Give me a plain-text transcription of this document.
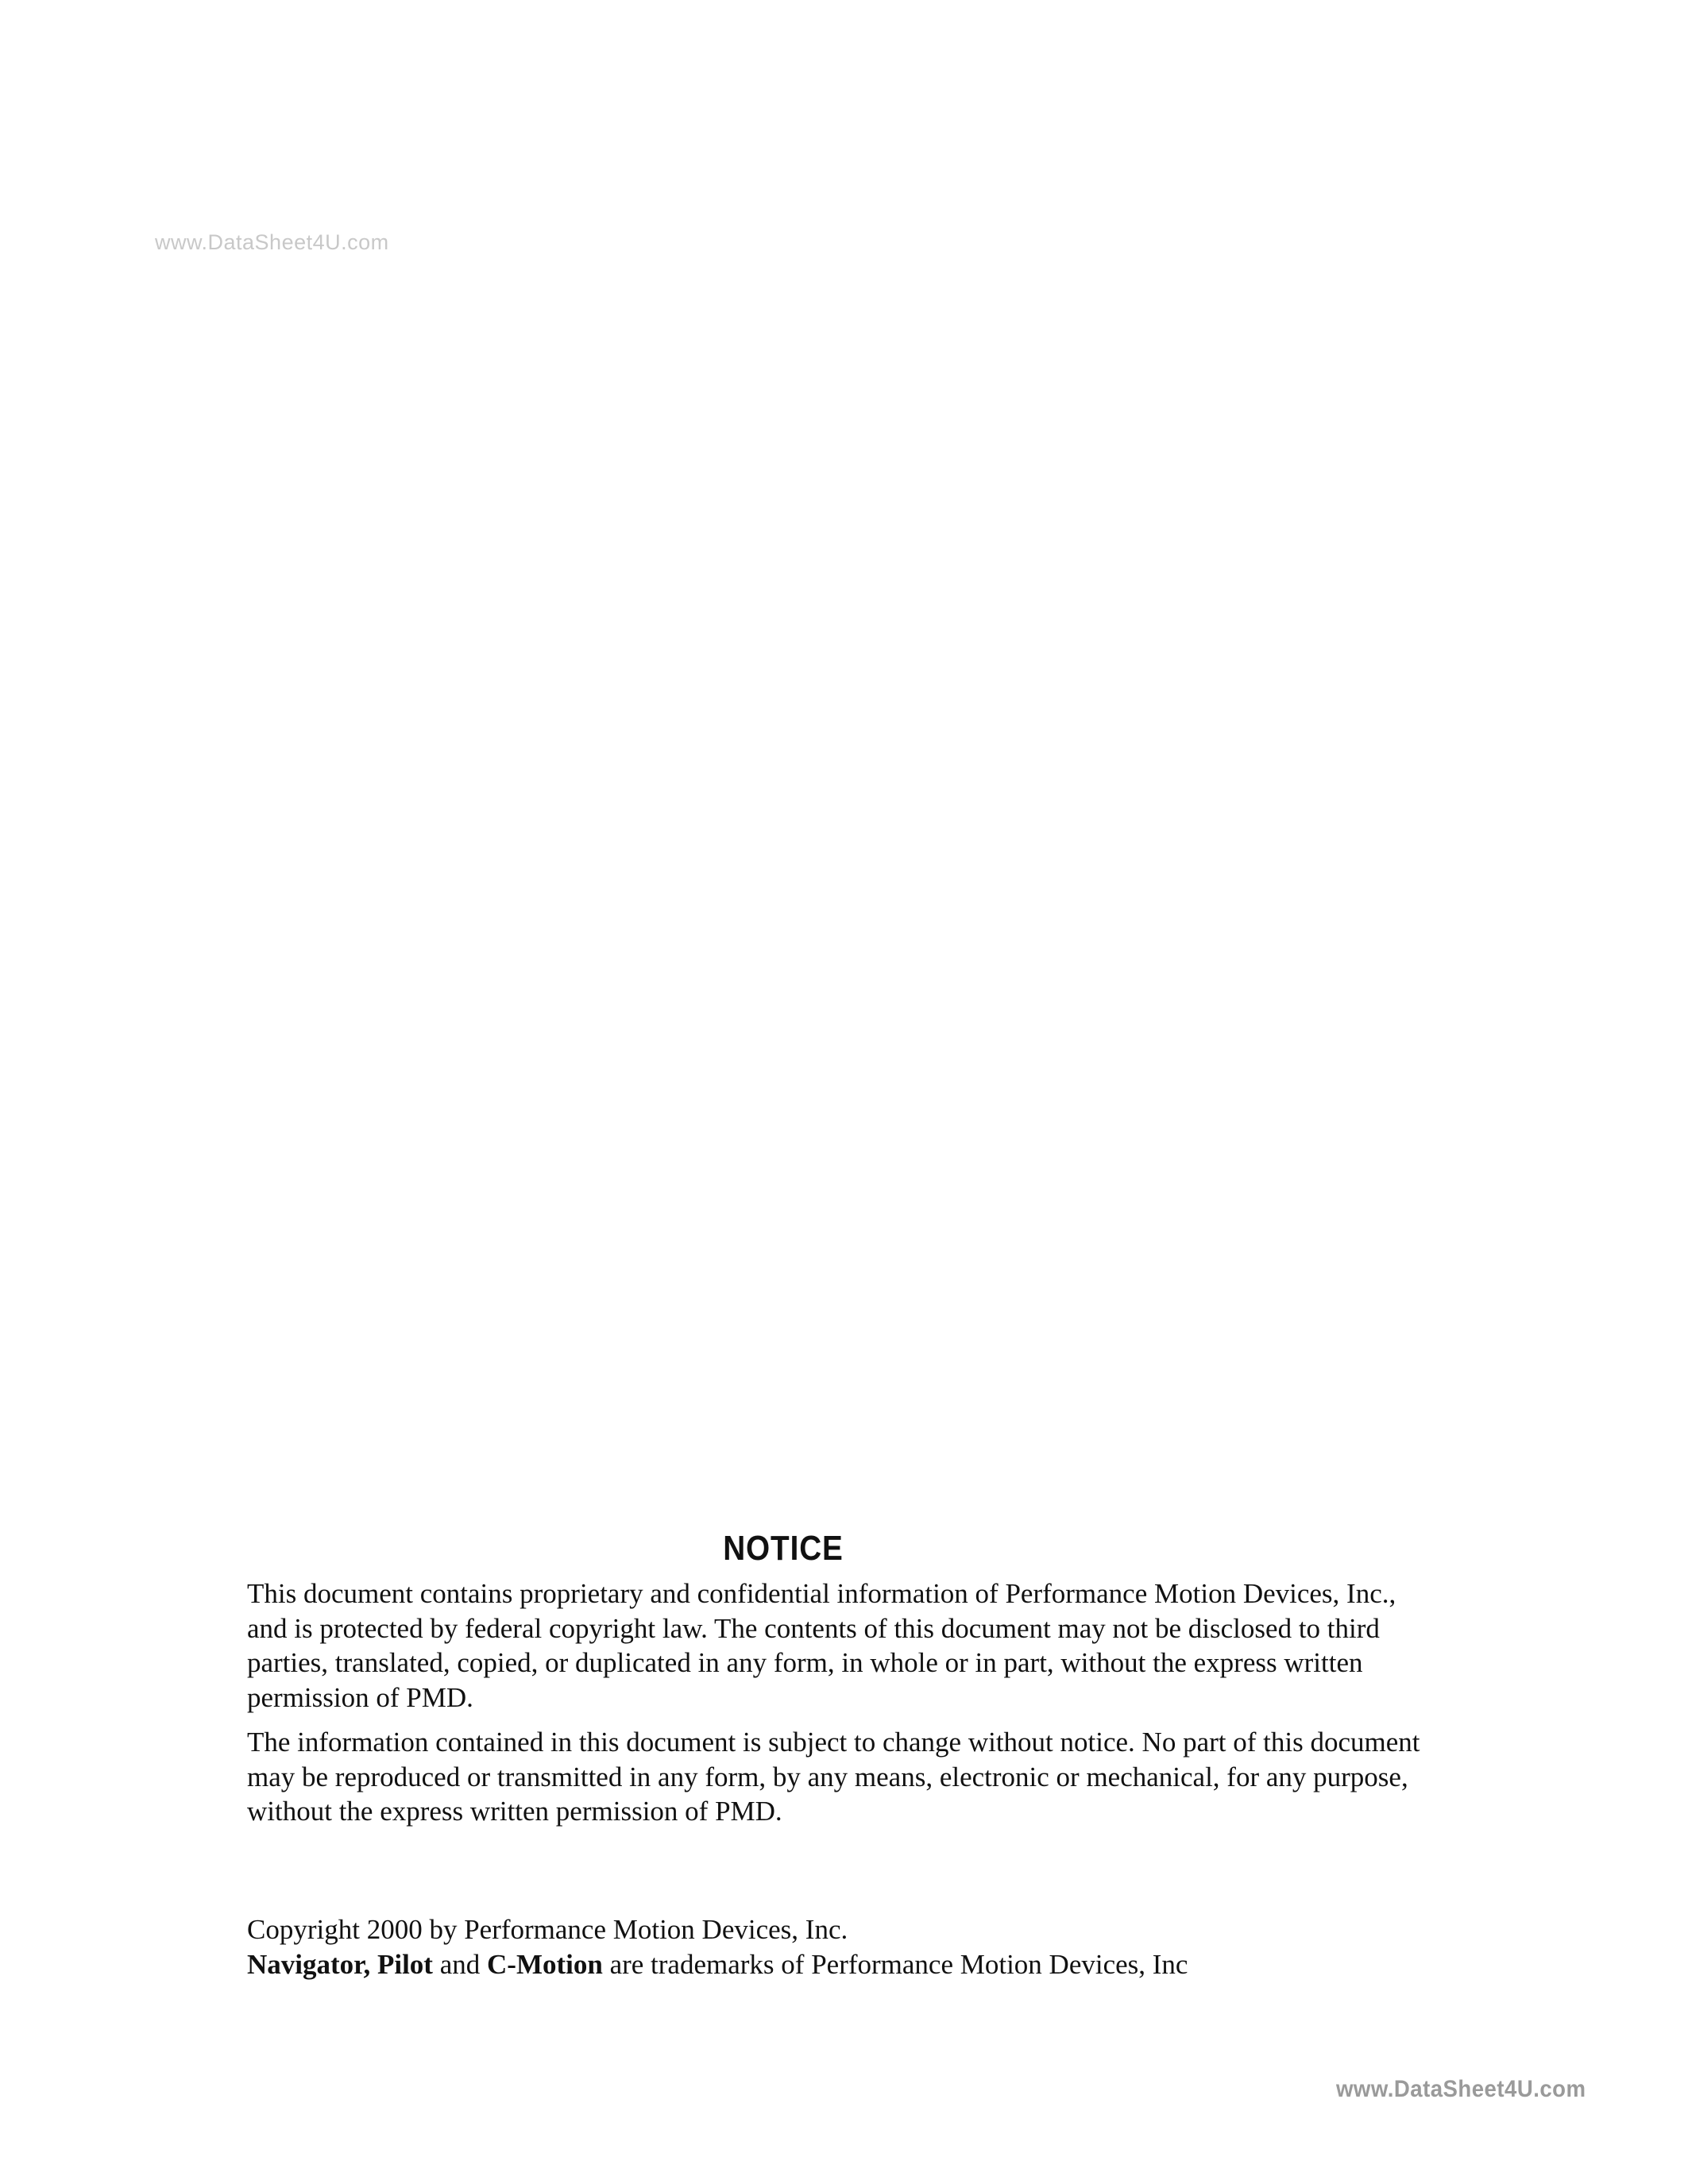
www.DataSheet4U.com
NOTICE

This document contains proprietary and confidential information of Performance Motion Devices, Inc., and is protected by federal copyright law. The contents of this document may not be disclosed to third parties, translated, copied, or duplicated in any form, in whole or in part, without the express written permission of PMD.

The information contained in this document is subject to change without notice. No part of this document may be reproduced or transmitted in any form, by any means, electronic or mechanical, for any purpose, without the express written permission of PMD.

Copyright 2000 by Performance Motion Devices, Inc.
Navigator, Pilot and C-Motion are trademarks of Performance Motion Devices, Inc
www.DataSheet4U.com
